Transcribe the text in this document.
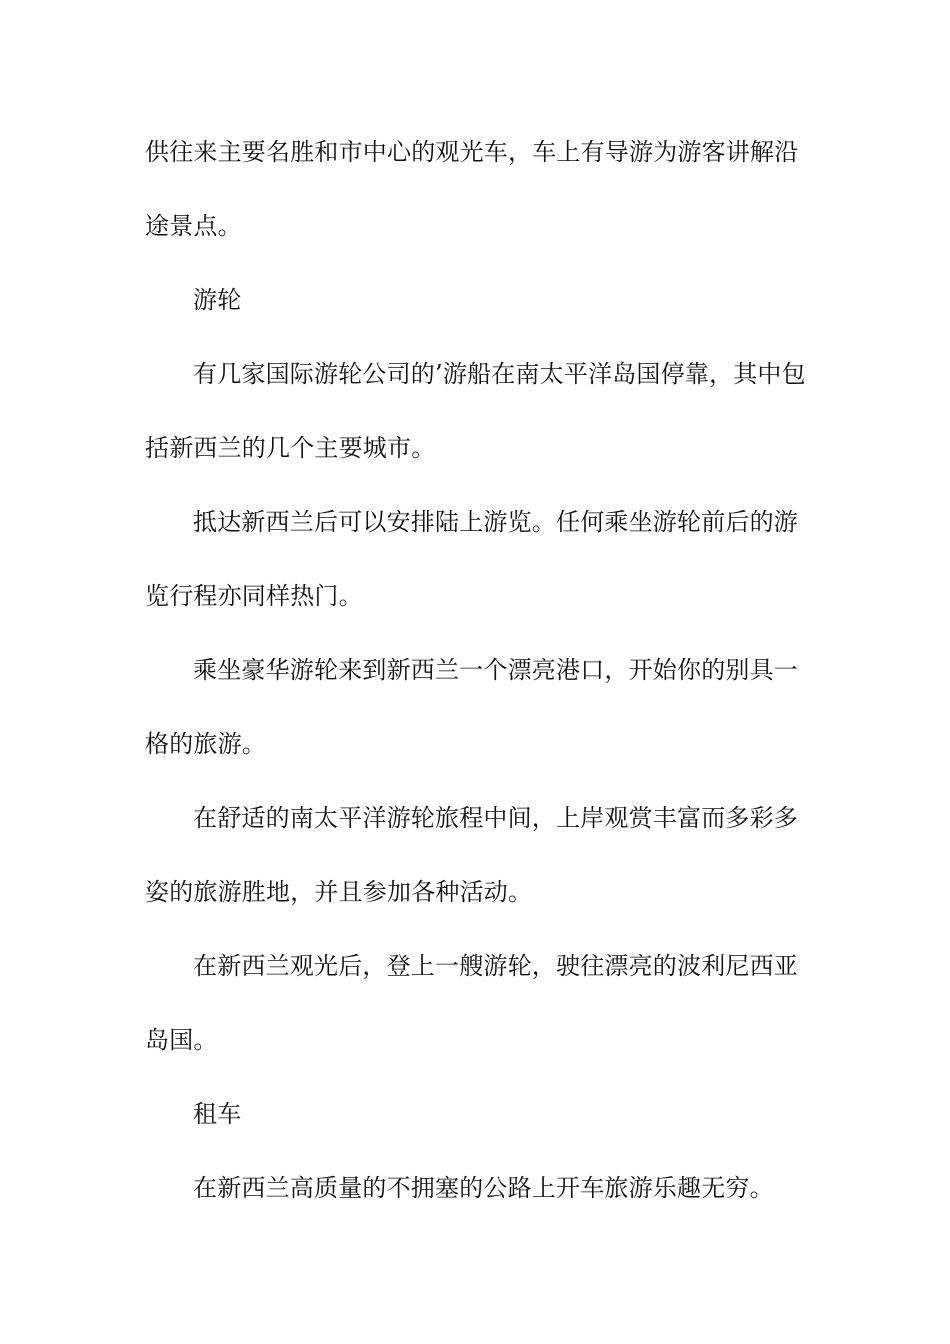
供往来主要名胜和市中心的观光车，车上有导游为游客讲解沿
途景点。
游轮
有几家国际游轮公司的’游船在南太平洋岛国停靠，其中包
括新西兰的几个主要城市。
抵达新西兰后可以安排陆上游览。任何乘坐游轮前后的游
览行程亦同样热门。
乘坐豪华游轮来到新西兰一个漂亮港口，开始你的别具一
格的旅游。
在舒适的南太平洋游轮旅程中间，上岸观赏丰富而多彩多
姿的旅游胜地，并且参加各种活动。
在新西兰观光后，登上一艘游轮，驶往漂亮的波利尼西亚
岛国。
租车
在新西兰高质量的不拥塞的公路上开车旅游乐趣无穷。
